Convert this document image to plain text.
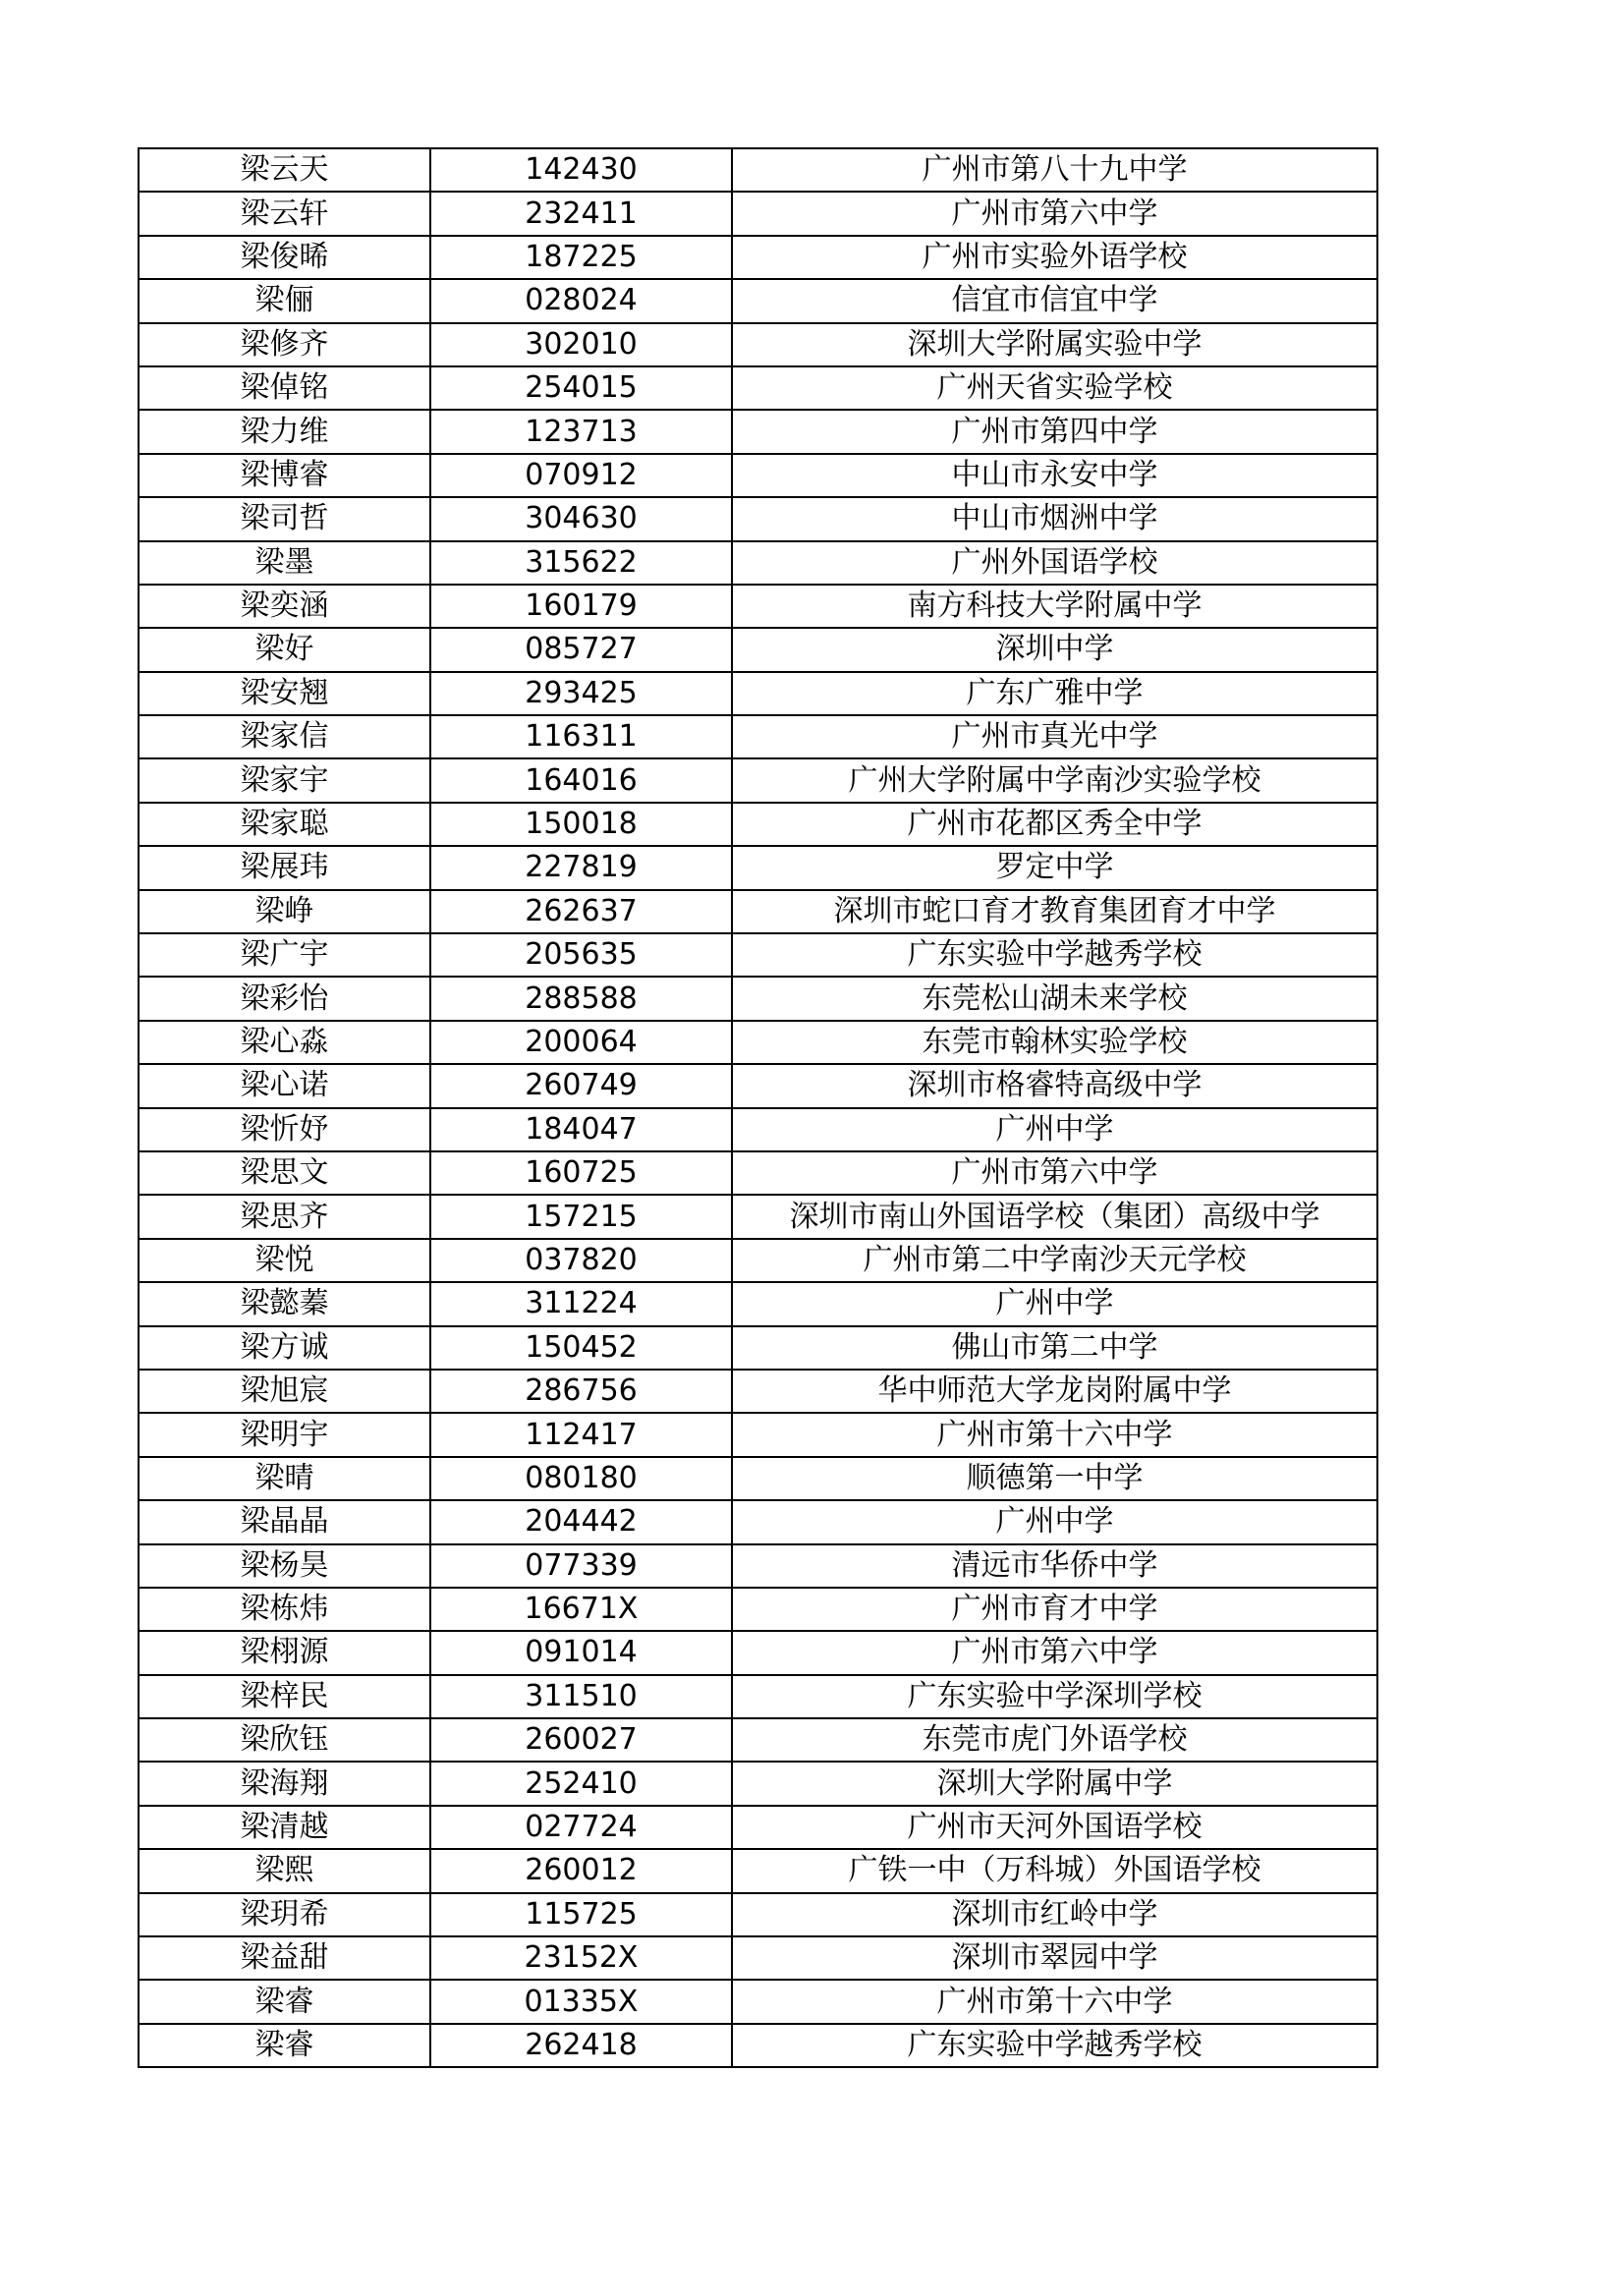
梁云天	142430	广州市第八十九中学
梁云轩	232411	广州市第六中学
梁俊晞	187225	广州市实验外语学校
梁俪	028024	信宜市信宜中学
梁修齐	302010	深圳大学附属实验中学
梁倬铭	254015	广州天省实验学校
梁力维	123713	广州市第四中学
梁博睿	070912	中山市永安中学
梁司哲	304630	中山市烟洲中学
梁墨	315622	广州外国语学校
梁奕涵	160179	南方科技大学附属中学
梁好	085727	深圳中学
梁安翘	293425	广东广雅中学
梁家信	116311	广州市真光中学
梁家宇	164016	广州大学附属中学南沙实验学校
梁家聪	150018	广州市花都区秀全中学
梁展玮	227819	罗定中学
梁峥	262637	深圳市蛇口育才教育集团育才中学
梁广宇	205635	广东实验中学越秀学校
梁彩怡	288588	东莞松山湖未来学校
梁心淼	200064	东莞市翰林实验学校
梁心诺	260749	深圳市格睿特高级中学
梁忻妤	184047	广州中学
梁思文	160725	广州市第六中学
梁思齐	157215	深圳市南山外国语学校（集团）高级中学
梁悦	037820	广州市第二中学南沙天元学校
梁懿蓁	311224	广州中学
梁方诚	150452	佛山市第二中学
梁旭宸	286756	华中师范大学龙岗附属中学
梁明宇	112417	广州市第十六中学
梁晴	080180	顺德第一中学
梁晶晶	204442	广州中学
梁杨昊	077339	清远市华侨中学
梁栋炜	16671X	广州市育才中学
梁栩源	091014	广州市第六中学
梁梓民	311510	广东实验中学深圳学校
梁欣钰	260027	东莞市虎门外语学校
梁海翔	252410	深圳大学附属中学
梁清越	027724	广州市天河外国语学校
梁熙	260012	广铁一中（万科城）外国语学校
梁玥希	115725	深圳市红岭中学
梁益甜	23152X	深圳市翠园中学
梁睿	01335X	广州市第十六中学
梁睿	262418	广东实验中学越秀学校
